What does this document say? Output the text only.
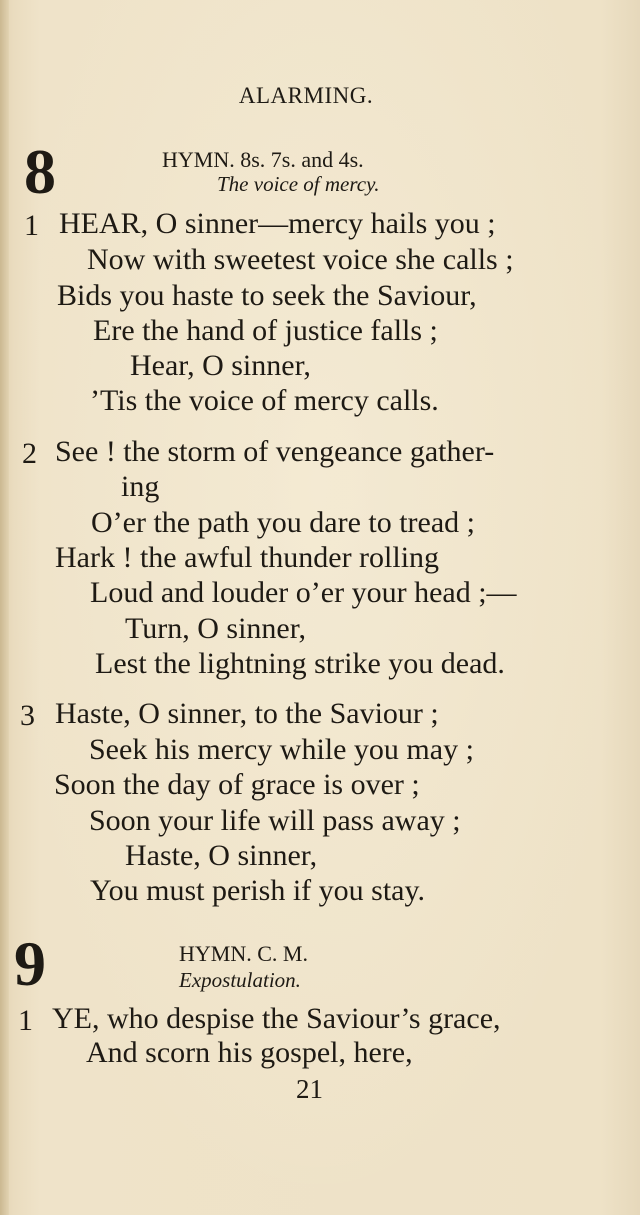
ALARMING.
8	HYMN. 8s. 7s. and 4s.
The voice of mercy.
1 HEAR, O sinner—mercy hails you ;
Now with sweetest voice she calls ;
Bids you haste to seek the Saviour,
Ere the hand of justice falls ;
Hear, O sinner,
’Tis the voice of mercy calls.
2 See ! the storm of vengeance gather-
ing
O’er the path you dare to tread ;
Hark ! the awful thunder rolling
Loud and louder o’er your head ;—
Turn, O sinner,
Lest the lightning strike you dead.
3 Haste, O sinner, to the Saviour ;
Seek his mercy while you may ;
Soon the day of grace is over ;
Soon your life will pass away ;
Haste, O sinner,
You must perish if you stay.
9	HYMN. C. M.
Expostulation.
1 YE, who despise the Saviour’s grace,
And scorn his gospel, here,
21
